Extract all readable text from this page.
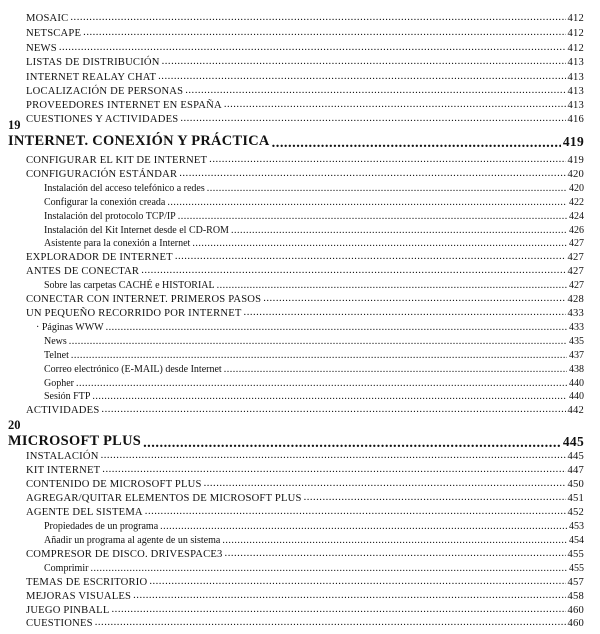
MOSAIC .....	412
NETSCAPE .....	412
NEWS .....	412
LISTAS DE DISTRIBUCIÓN .....	413
INTERNET REALAY CHAT .....	413
LOCALIZACIÓN DE PERSONAS .....	413
PROVEEDORES INTERNET EN ESPAÑA .....	413
CUESTIONES Y ACTIVIDADES .....	416
19
INTERNET. CONEXIÓN Y PRÁCTICA .....	419
CONFIGURAR EL KIT DE INTERNET .....	419
CONFIGURACIÓN ESTÁNDAR .....	420
Instalación del acceso telefónico a redes .....	420
Configurar la conexión creada .....	422
Instalación del protocolo TCP/IP .....	424
Instalación del Kit Internet desde el CD-ROM .....	426
Asistente para la conexión a Internet .....	427
EXPLORADOR DE INTERNET .....	427
ANTES DE CONECTAR .....	427
Sobre las carpetas CACHÉ e HISTORIAL .....	427
CONECTAR CON INTERNET. PRIMEROS PASOS .....	428
UN PEQUEÑO RECORRIDO POR INTERNET .....	433
· Páginas WWW .....	433
News .....	435
Telnet .....	437
Correo electrónico (E-MAIL) desde Internet .....	438
Gopher .....	440
Sesión FTP .....	440
ACTIVIDADES .....	442
20
MICROSOFT PLUS .....	445
INSTALACIÓN .....	445
KIT INTERNET .....	447
CONTENIDO DE MICROSOFT PLUS .....	450
AGREGAR/QUITAR ELEMENTOS DE MICROSOFT PLUS .....	451
AGENTE DEL SISTEMA .....	452
Propiedades de un programa .....	453
Añadir un programa al agente de un sistema .....	454
COMPRESOR DE DISCO. DRIVESPACE3 .....	455
Comprimir .....	455
TEMAS DE ESCRITORIO .....	457
MEJORAS VISUALES .....	458
JUEGO PINBALL .....	460
CUESTIONES .....	460
